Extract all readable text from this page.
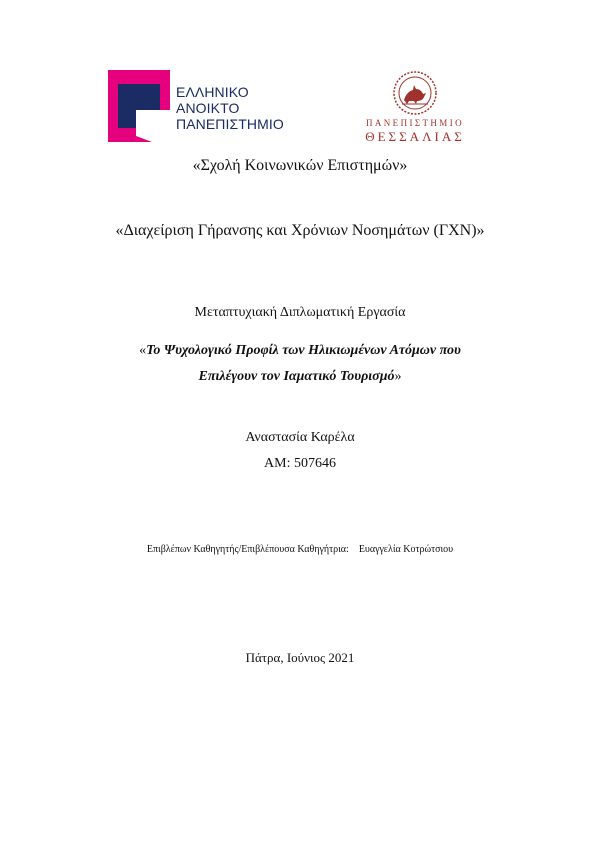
ΕΛΛΗΝΙΚΟ
ΑΝΟΙΚΤΟ
ΠΑΝΕΠΙΣΤΗΜΙΟ	ΠΑΝΕΠΙΣΤΗΜΙΟ
ΘΕΣΣΑΛΙΑΣ
«Σχολή Κοινωνικών Επιστημών»
«Διαχείριση Γήρανσης και Χρόνιων Νοσημάτων (ΓΧΝ)»
Μεταπτυχιακή Διπλωματική Εργασία
«Το Ψυχολογικό Προφίλ των Ηλικιωμένων Ατόμων που
Επιλέγουν τον Ιαματικό Τουρισμό»
Αναστασία Καρέλα
ΑΜ: 507646
Επιβλέπων Καθηγητής/Επιβλέπουσα Καθηγήτρια: Ευαγγελία Κοτρώτσιου
Πάτρα, Ιούνιος 2021
